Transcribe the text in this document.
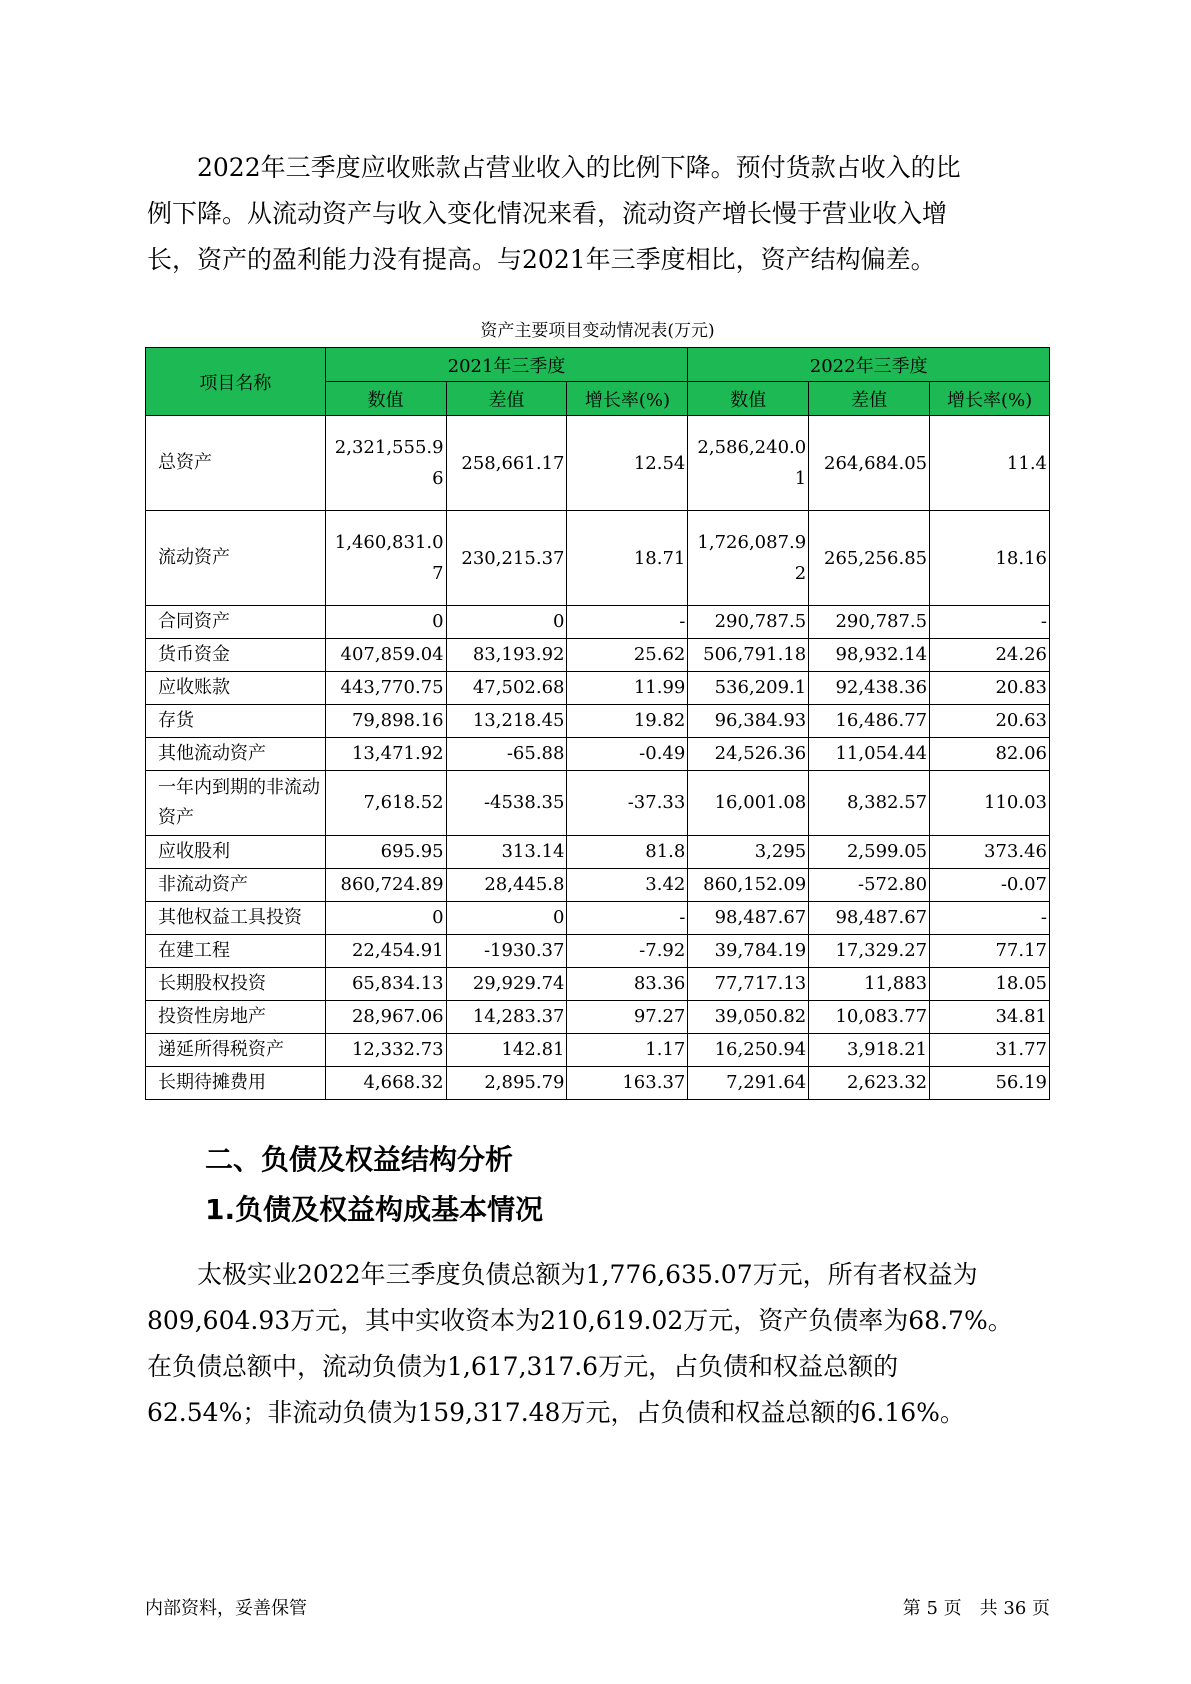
　　2022年三季度应收账款占营业收入的比例下降。预付货款占收入的比
例下降。从流动资产与收入变化情况来看，流动资产增长慢于营业收入增
长，资产的盈利能力没有提高。与2021年三季度相比，资产结构偏差。
资产主要项目变动情况表(万元)
项目名称	2021年三季度			2022年三季度		
	数值	差值	增长率(%)	数值	差值	增长率(%)
总资产	2,321,555.96	258,661.17	12.54	2,586,240.01	264,684.05	11.4
流动资产	1,460,831.07	230,215.37	18.71	1,726,087.92	265,256.85	18.16
合同资产	0	0	-	290,787.5	290,787.5	-
货币资金	407,859.04	83,193.92	25.62	506,791.18	98,932.14	24.26
应收账款	443,770.75	47,502.68	11.99	536,209.1	92,438.36	20.83
存货	79,898.16	13,218.45	19.82	96,384.93	16,486.77	20.63
其他流动资产	13,471.92	-65.88	-0.49	24,526.36	11,054.44	82.06
一年内到期的非流动资产	7,618.52	-4538.35	-37.33	16,001.08	8,382.57	110.03
应收股利	695.95	313.14	81.8	3,295	2,599.05	373.46
非流动资产	860,724.89	28,445.8	3.42	860,152.09	-572.80	-0.07
其他权益工具投资	0	0	-	98,487.67	98,487.67	-
在建工程	22,454.91	-1930.37	-7.92	39,784.19	17,329.27	77.17
长期股权投资	65,834.13	29,929.74	83.36	77,717.13	11,883	18.05
投资性房地产	28,967.06	14,283.37	97.27	39,050.82	10,083.77	34.81
递延所得税资产	12,332.73	142.81	1.17	16,250.94	3,918.21	31.77
长期待摊费用	4,668.32	2,895.79	163.37	7,291.64	2,623.32	56.19
二、负债及权益结构分析
1.负债及权益构成基本情况
　　太极实业2022年三季度负债总额为1,776,635.07万元，所有者权益为
809,604.93万元，其中实收资本为210,619.02万元，资产负债率为68.7%。
在负债总额中，流动负债为1,617,317.6万元，占负债和权益总额的
62.54%；非流动负债为159,317.48万元，占负债和权益总额的6.16%。
内部资料，妥善保管	第 5 页　共 36 页
